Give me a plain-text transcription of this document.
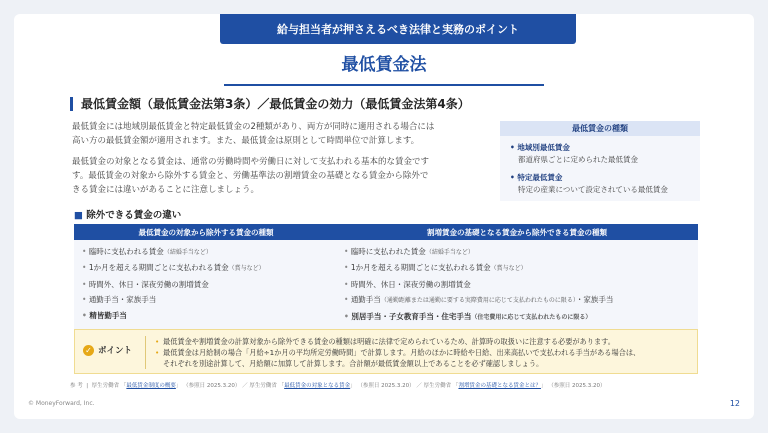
給与担当者が押さえるべき法律と実務のポイント
最低賃金法
最低賃金額（最低賃金法第3条）／最低賃金の効力（最低賃金法第4条）
最低賃金には地域別最低賃金と特定最低賃金の2種類があり、両方が同時に適用される場合には
高い方の最低賃金額が適用されます。また、最低賃金は原則として時間単位で計算します。
最低賃金の対象となる賃金は、通常の労働時間や労働日に対して支払われる基本的な賃金です
す。最低賃金の対象から除外する賃金と、労働基準法の割増賃金の基礎となる賃金から除外で
きる賃金には違いがあることに注意しましょう。
最低賃金の種類
• 地域別最低賃金
都道府県ごとに定められた最低賃金
• 特定最低賃金
特定の産業について設定されている最低賃金
■ 除外できる賃金の違い
最低賃金の対象から除外する賃金の種類
• 臨時に支払われる賃金（結婚手当など）
• 1か月を超える期間ごとに支払われる賃金（賞与など）
• 時間外、休日・深夜労働の割増賃金
• 通勤手当・家族手当
• 精皆勤手当
割増賃金の基礎となる賃金から除外できる賃金の種類
• 臨時に支払われた賃金（結婚手当など）
• 1か月を超える期間ごとに支払われる賃金（賞与など）
• 時間外、休日・深夜労働の割増賃金
• 通勤手当（通勤距離または通勤に要する実際費用に応じて支払われたものに限る）・家族手当
• 別居手当・子女教育手当・住宅手当（住宅費用に応じて支払われたものに限る）
✓ ポイント
• 最低賃金や割増賃金の計算対象から除外できる賃金の種類は明確に法律で定められているため、計算時の取扱いに注意する必要があります。
• 最低賃金は月給制の場合「月給÷1か月の平均所定労働時間」で計算します。月給のほかに時給や日給、出来高払いで支払われる手当がある場合は、
それぞれを別途計算して、月給額に加算して計算します。合計額が最低賃金額以上であることを必ず確認しましょう。
参 考  |  厚生労働省 「最低賃金制度の概要」 （参照日 2025.3.20） ／ 厚生労働省 「最低賃金の対象となる賃金」 （参照日 2025.3.20） ／ 厚生労働省 「割増賃金の基礎となる賃金とは？」 （参照日 2025.3.20）
© MoneyForward, Inc.	12
